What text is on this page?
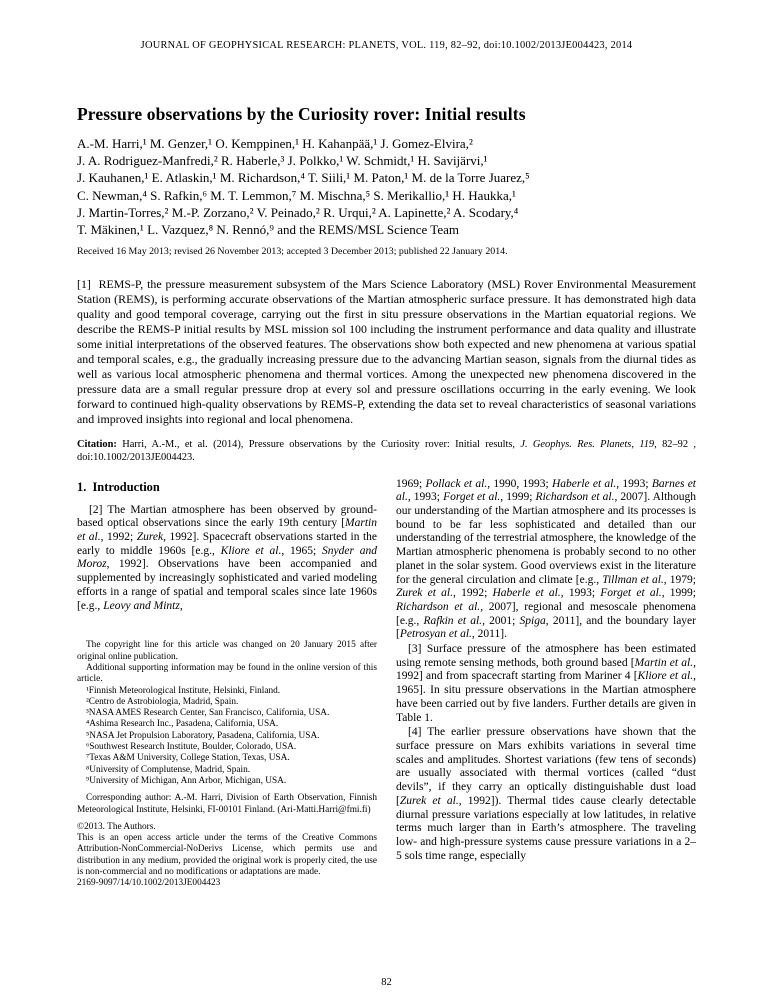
JOURNAL OF GEOPHYSICAL RESEARCH: PLANETS, VOL. 119, 82–92, doi:10.1002/2013JE004423, 2014
Pressure observations by the Curiosity rover: Initial results
A.-M. Harri,¹ M. Genzer,¹ O. Kemppinen,¹ H. Kahanpää,¹ J. Gomez-Elvira,²
J. A. Rodriguez-Manfredi,² R. Haberle,³ J. Polkko,¹ W. Schmidt,¹ H. Savijärvi,¹
J. Kauhanen,¹ E. Atlaskin,¹ M. Richardson,⁴ T. Siili,¹ M. Paton,¹ M. de la Torre Juarez,⁵
C. Newman,⁴ S. Rafkin,⁶ M. T. Lemmon,⁷ M. Mischna,⁵ S. Merikallio,¹ H. Haukka,¹
J. Martin-Torres,² M.-P. Zorzano,² V. Peinado,² R. Urqui,² A. Lapinette,² A. Scodary,⁴
T. Mäkinen,¹ L. Vazquez,⁸ N. Rennó,⁹ and the REMS/MSL Science Team
Received 16 May 2013; revised 26 November 2013; accepted 3 December 2013; published 22 January 2014.
[1]  REMS-P, the pressure measurement subsystem of the Mars Science Laboratory (MSL) Rover Environmental Measurement Station (REMS), is performing accurate observations of the Martian atmospheric surface pressure. It has demonstrated high data quality and good temporal coverage, carrying out the first in situ pressure observations in the Martian equatorial regions. We describe the REMS-P initial results by MSL mission sol 100 including the instrument performance and data quality and illustrate some initial interpretations of the observed features. The observations show both expected and new phenomena at various spatial and temporal scales, e.g., the gradually increasing pressure due to the advancing Martian season, signals from the diurnal tides as well as various local atmospheric phenomena and thermal vortices. Among the unexpected new phenomena discovered in the pressure data are a small regular pressure drop at every sol and pressure oscillations occurring in the early evening. We look forward to continued high-quality observations by REMS-P, extending the data set to reveal characteristics of seasonal variations and improved insights into regional and local phenomena.
Citation: Harri, A.-M., et al. (2014), Pressure observations by the Curiosity rover: Initial results, J. Geophys. Res. Planets, 119, 82–92 , doi:10.1002/2013JE004423.
1.  Introduction

[2] The Martian atmosphere has been observed by ground-based optical observations since the early 19th century [Martin et al., 1992; Zurek, 1992]. Spacecraft observations started in the early to middle 1960s [e.g., Kliore et al., 1965; Snyder and Moroz, 1992]. Observations have been accompanied and supplemented by increasingly sophisticated and varied modeling efforts in a range of spatial and temporal scales since late 1960s [e.g., Leovy and Mintz,

The copyright line for this article was changed on 20 January 2015 after original online publication.

Additional supporting information may be found in the online version of this article.

¹Finnish Meteorological Institute, Helsinki, Finland.

²Centro de Astrobiologia, Madrid, Spain.

³NASA AMES Research Center, San Francisco, California, USA.

⁴Ashima Research Inc., Pasadena, California, USA.

⁵NASA Jet Propulsion Laboratory, Pasadena, California, USA.

⁶Southwest Research Institute, Boulder, Colorado, USA.

⁷Texas A&M University, College Station, Texas, USA.

⁸University of Complutense, Madrid, Spain.

⁹University of Michigan, Ann Arbor, Michigan, USA.

Corresponding author: A.-M. Harri, Division of Earth Observation, Finnish Meteorological Institute, Helsinki, FI-00101 Finland. (Ari-Matti.Harri@fmi.fi)

©2013. The Authors.

This is an open access article under the terms of the Creative Commons Attribution-NonCommercial-NoDerivs License, which permits use and distribution in any medium, provided the original work is properly cited, the use is non-commercial and no modifications or adaptations are made.

2169-9097/14/10.1002/2013JE004423

1969; Pollack et al., 1990, 1993; Haberle et al., 1993; Barnes et al., 1993; Forget et al., 1999; Richardson et al., 2007]. Although our understanding of the Martian atmosphere and its processes is bound to be far less sophisticated and detailed than our understanding of the terrestrial atmosphere, the knowledge of the Martian atmospheric phenomena is probably second to no other planet in the solar system. Good overviews exist in the literature for the general circulation and climate [e.g., Tillman et al., 1979; Zurek et al., 1992; Haberle et al., 1993; Forget et al., 1999; Richardson et al., 2007], regional and mesoscale phenomena [e.g., Rafkin et al., 2001; Spiga, 2011], and the boundary layer [Petrosyan et al., 2011].

[3] Surface pressure of the atmosphere has been estimated using remote sensing methods, both ground based [Martin et al., 1992] and from spacecraft starting from Mariner 4 [Kliore et al., 1965]. In situ pressure observations in the Martian atmosphere have been carried out by five landers. Further details are given in Table 1.

[4] The earlier pressure observations have shown that the surface pressure on Mars exhibits variations in several time scales and amplitudes. Shortest variations (few tens of seconds) are usually associated with thermal vortices (called “dust devils”, if they carry an optically distinguishable dust load [Zurek et al., 1992]). Thermal tides cause clearly detectable diurnal pressure variations especially at low latitudes, in relative terms much larger than in Earth’s atmosphere. The traveling low- and high-pressure systems cause pressure variations in a 2–5 sols time range, especially

82
